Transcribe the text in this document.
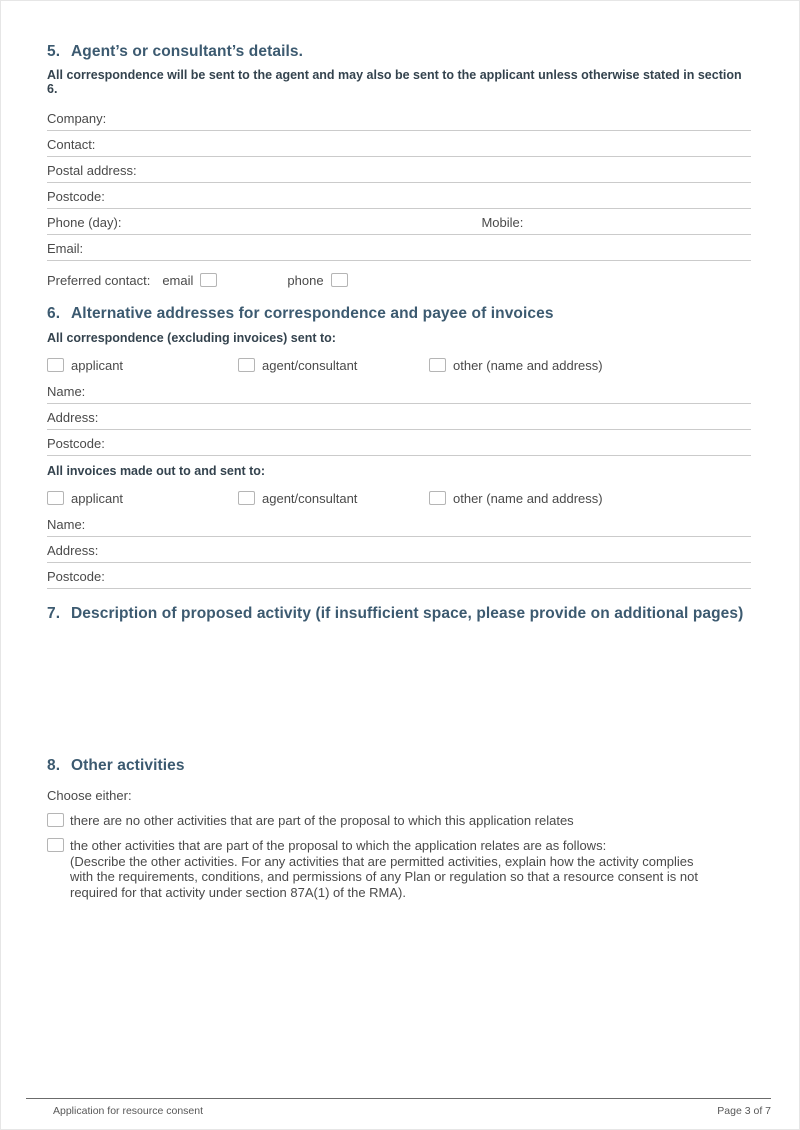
5. Agent’s or consultant’s details.

All correspondence will be sent to the agent and may also be sent to the applicant unless otherwise stated in section 6.

Company:
Contact:
Postal address:
Postcode:
Phone (day):	Mobile:
Email:
Preferred contact: email	phone
6. Alternative addresses for correspondence and payee of invoices

All correspondence (excluding invoices) sent to:

applicant	agent/consultant	other (name and address)
Name:
Address:
Postcode:

All invoices made out to and sent to:

applicant	agent/consultant	other (name and address)
Name:
Address:
Postcode:
7. Description of proposed activity (if insufficient space, please provide on additional pages)
8. Other activities

Choose either:

there are no other activities that are part of the proposal to which this application relates
the other activities that are part of the proposal to which the application relates are as follows:
(Describe the other activities. For any activities that are permitted activities, explain how the activity complies with the requirements, conditions, and permissions of any Plan or regulation so that a resource consent is not required for that activity under section 87A(1) of the RMA).
Application for resource consent	Page 3 of 7
